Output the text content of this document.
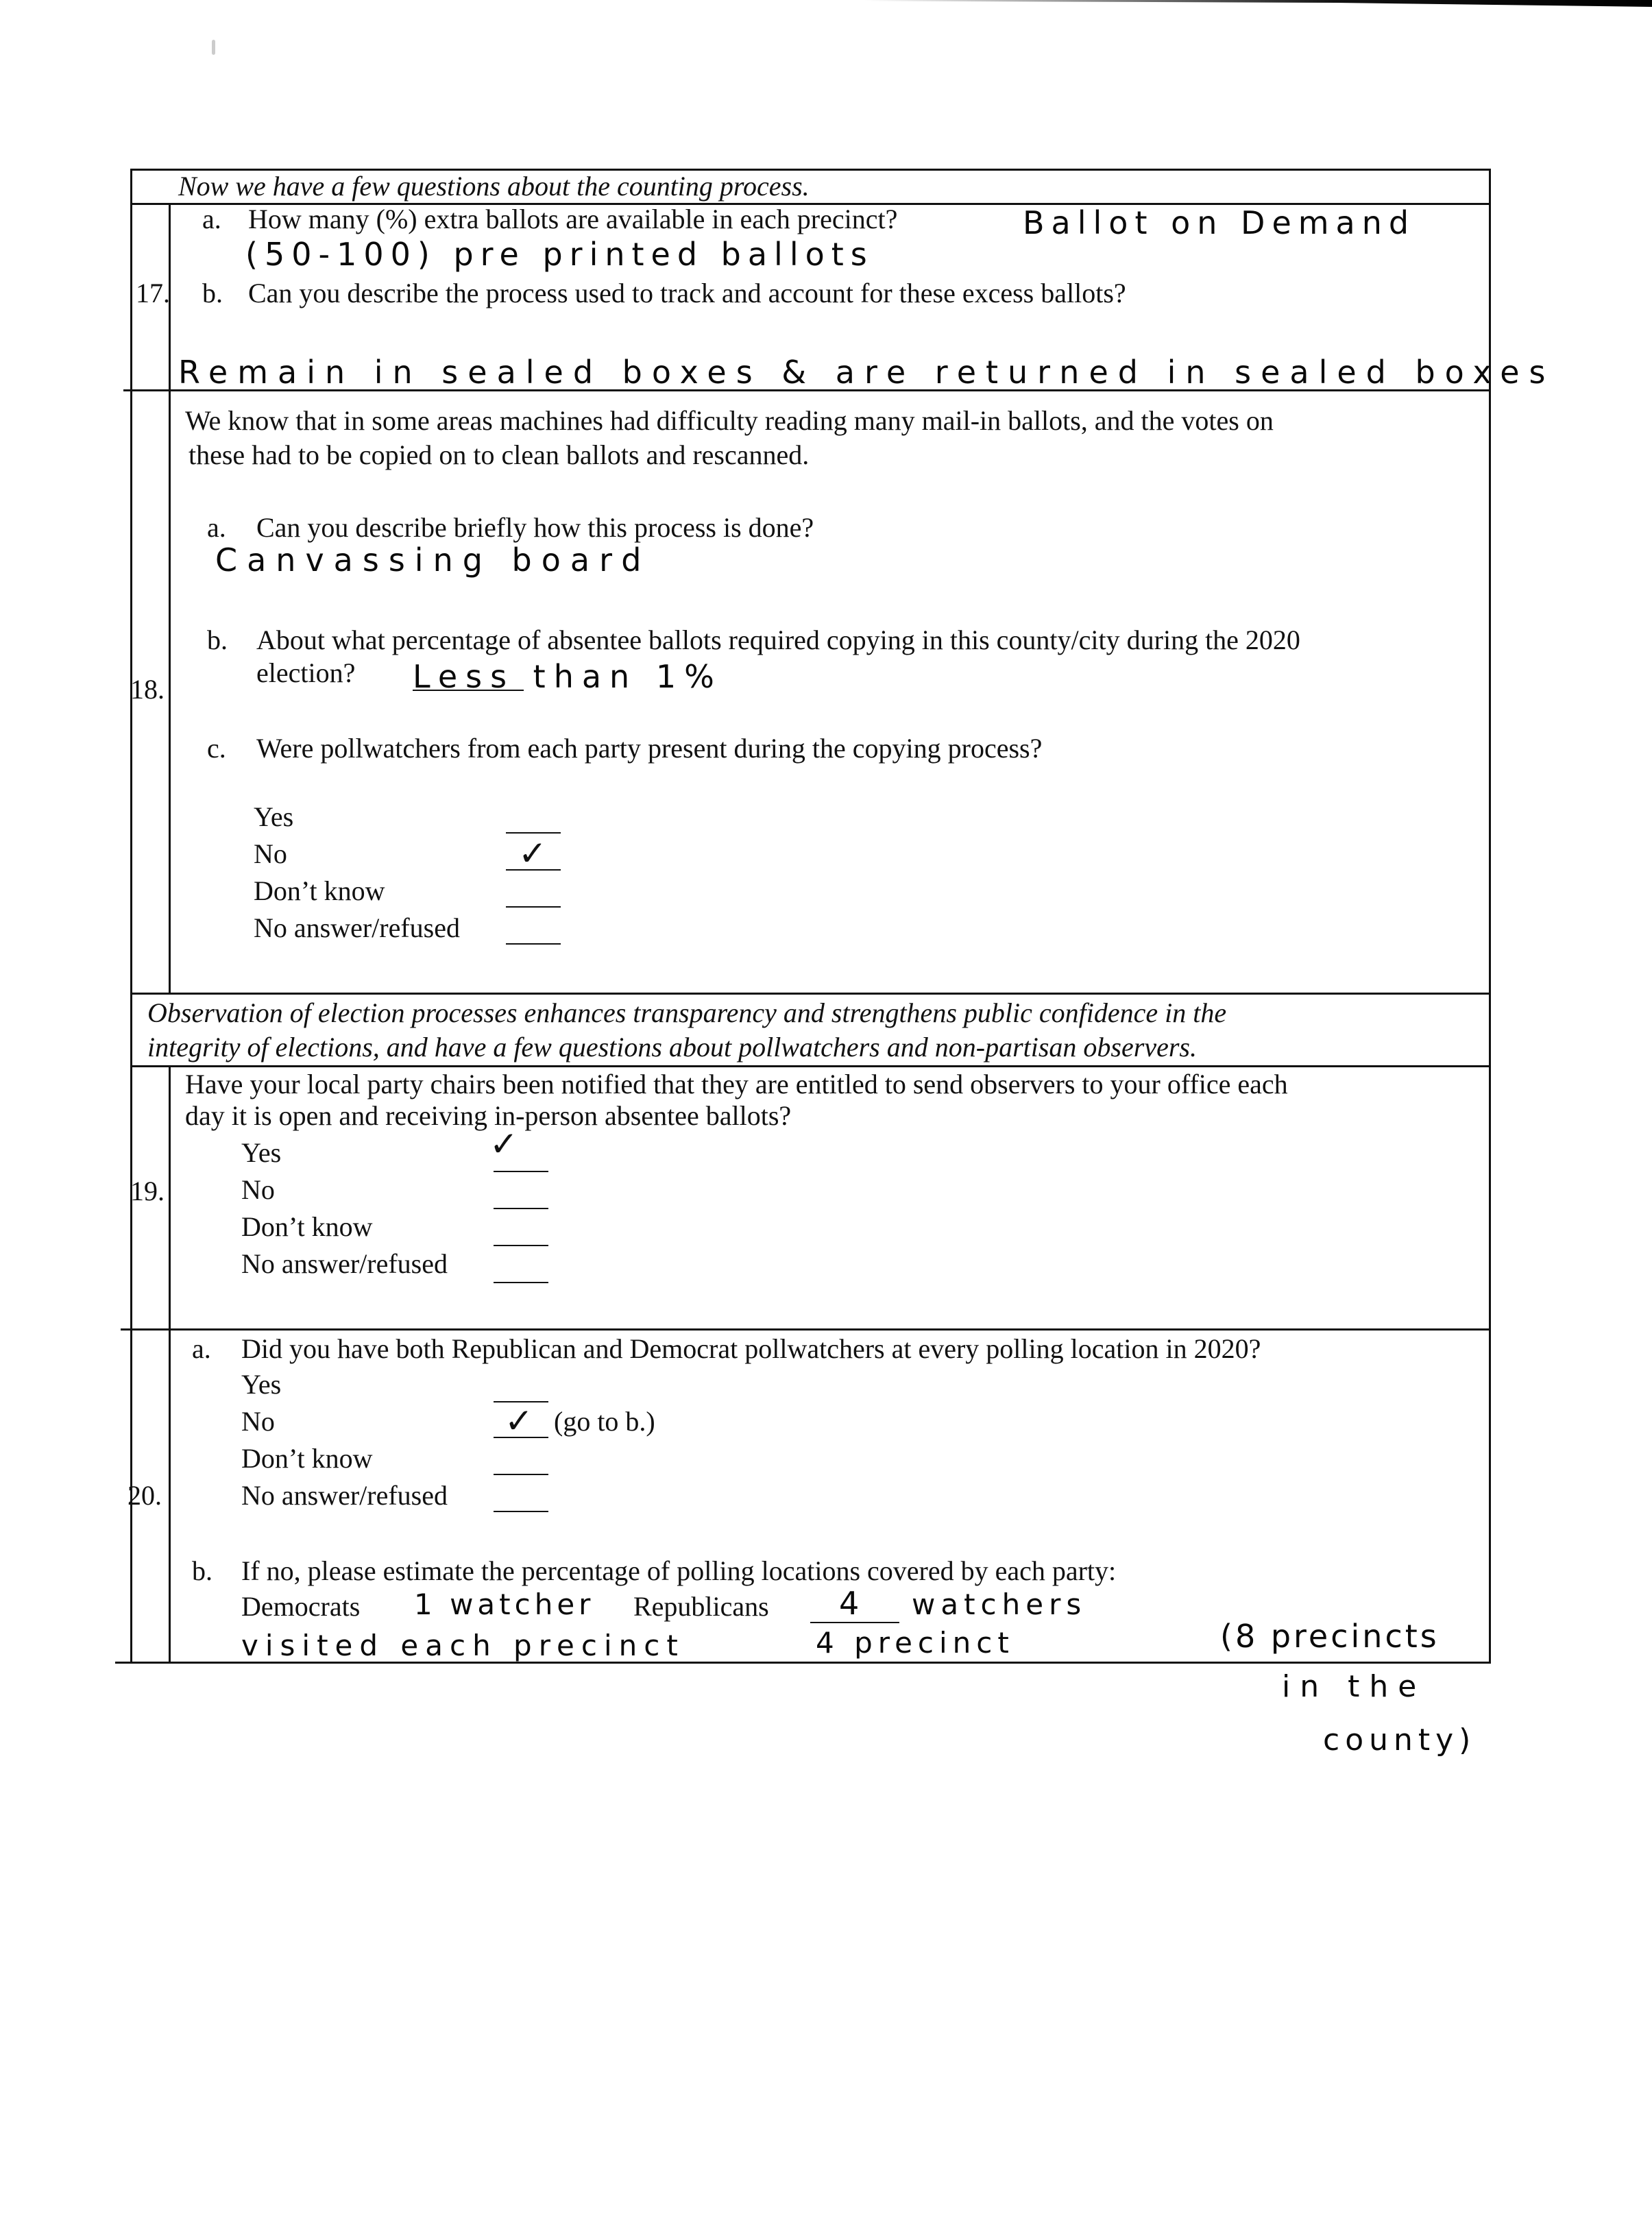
Now we have a few questions about the counting process.
17.
a. How many (%) extra ballots are available in each precinct?	Ballot on Demand
(50-100) pre printed ballots
b. Can you describe the process used to track and account for these excess ballots?
Remain in sealed boxes & are returned in sealed boxes
We know that in some areas machines had difficulty reading many mail-in ballots, and the votes on
these had to be copied on to clean ballots and rescanned.
a. Can you describe briefly how this process is done?
Canvassing board
b. About what percentage of absentee ballots required copying in this county/city during the 2020
election? Less than 1%
18.
c. Were pollwatchers from each party present during the copying process?
Yes
No	✓
Don’t know
No answer/refused
Observation of election processes enhances transparency and strengthens public confidence in the
integrity of elections, and have a few questions about pollwatchers and non-partisan observers.
Have your local party chairs been notified that they are entitled to send observers to your office each
day it is open and receiving in-person absentee ballots?
19.
Yes	✓
No
Don’t know
No answer/refused
a. Did you have both Republican and Democrat pollwatchers at every polling location in 2020?
Yes
No	✓ (go to b.)
Don’t know
No answer/refused
20.
b. If no, please estimate the percentage of polling locations covered by each party:
Democrats 1 watcher Republicans 4 watchers
visited each precinct	4 precinct	(8 precincts
in the
county)
